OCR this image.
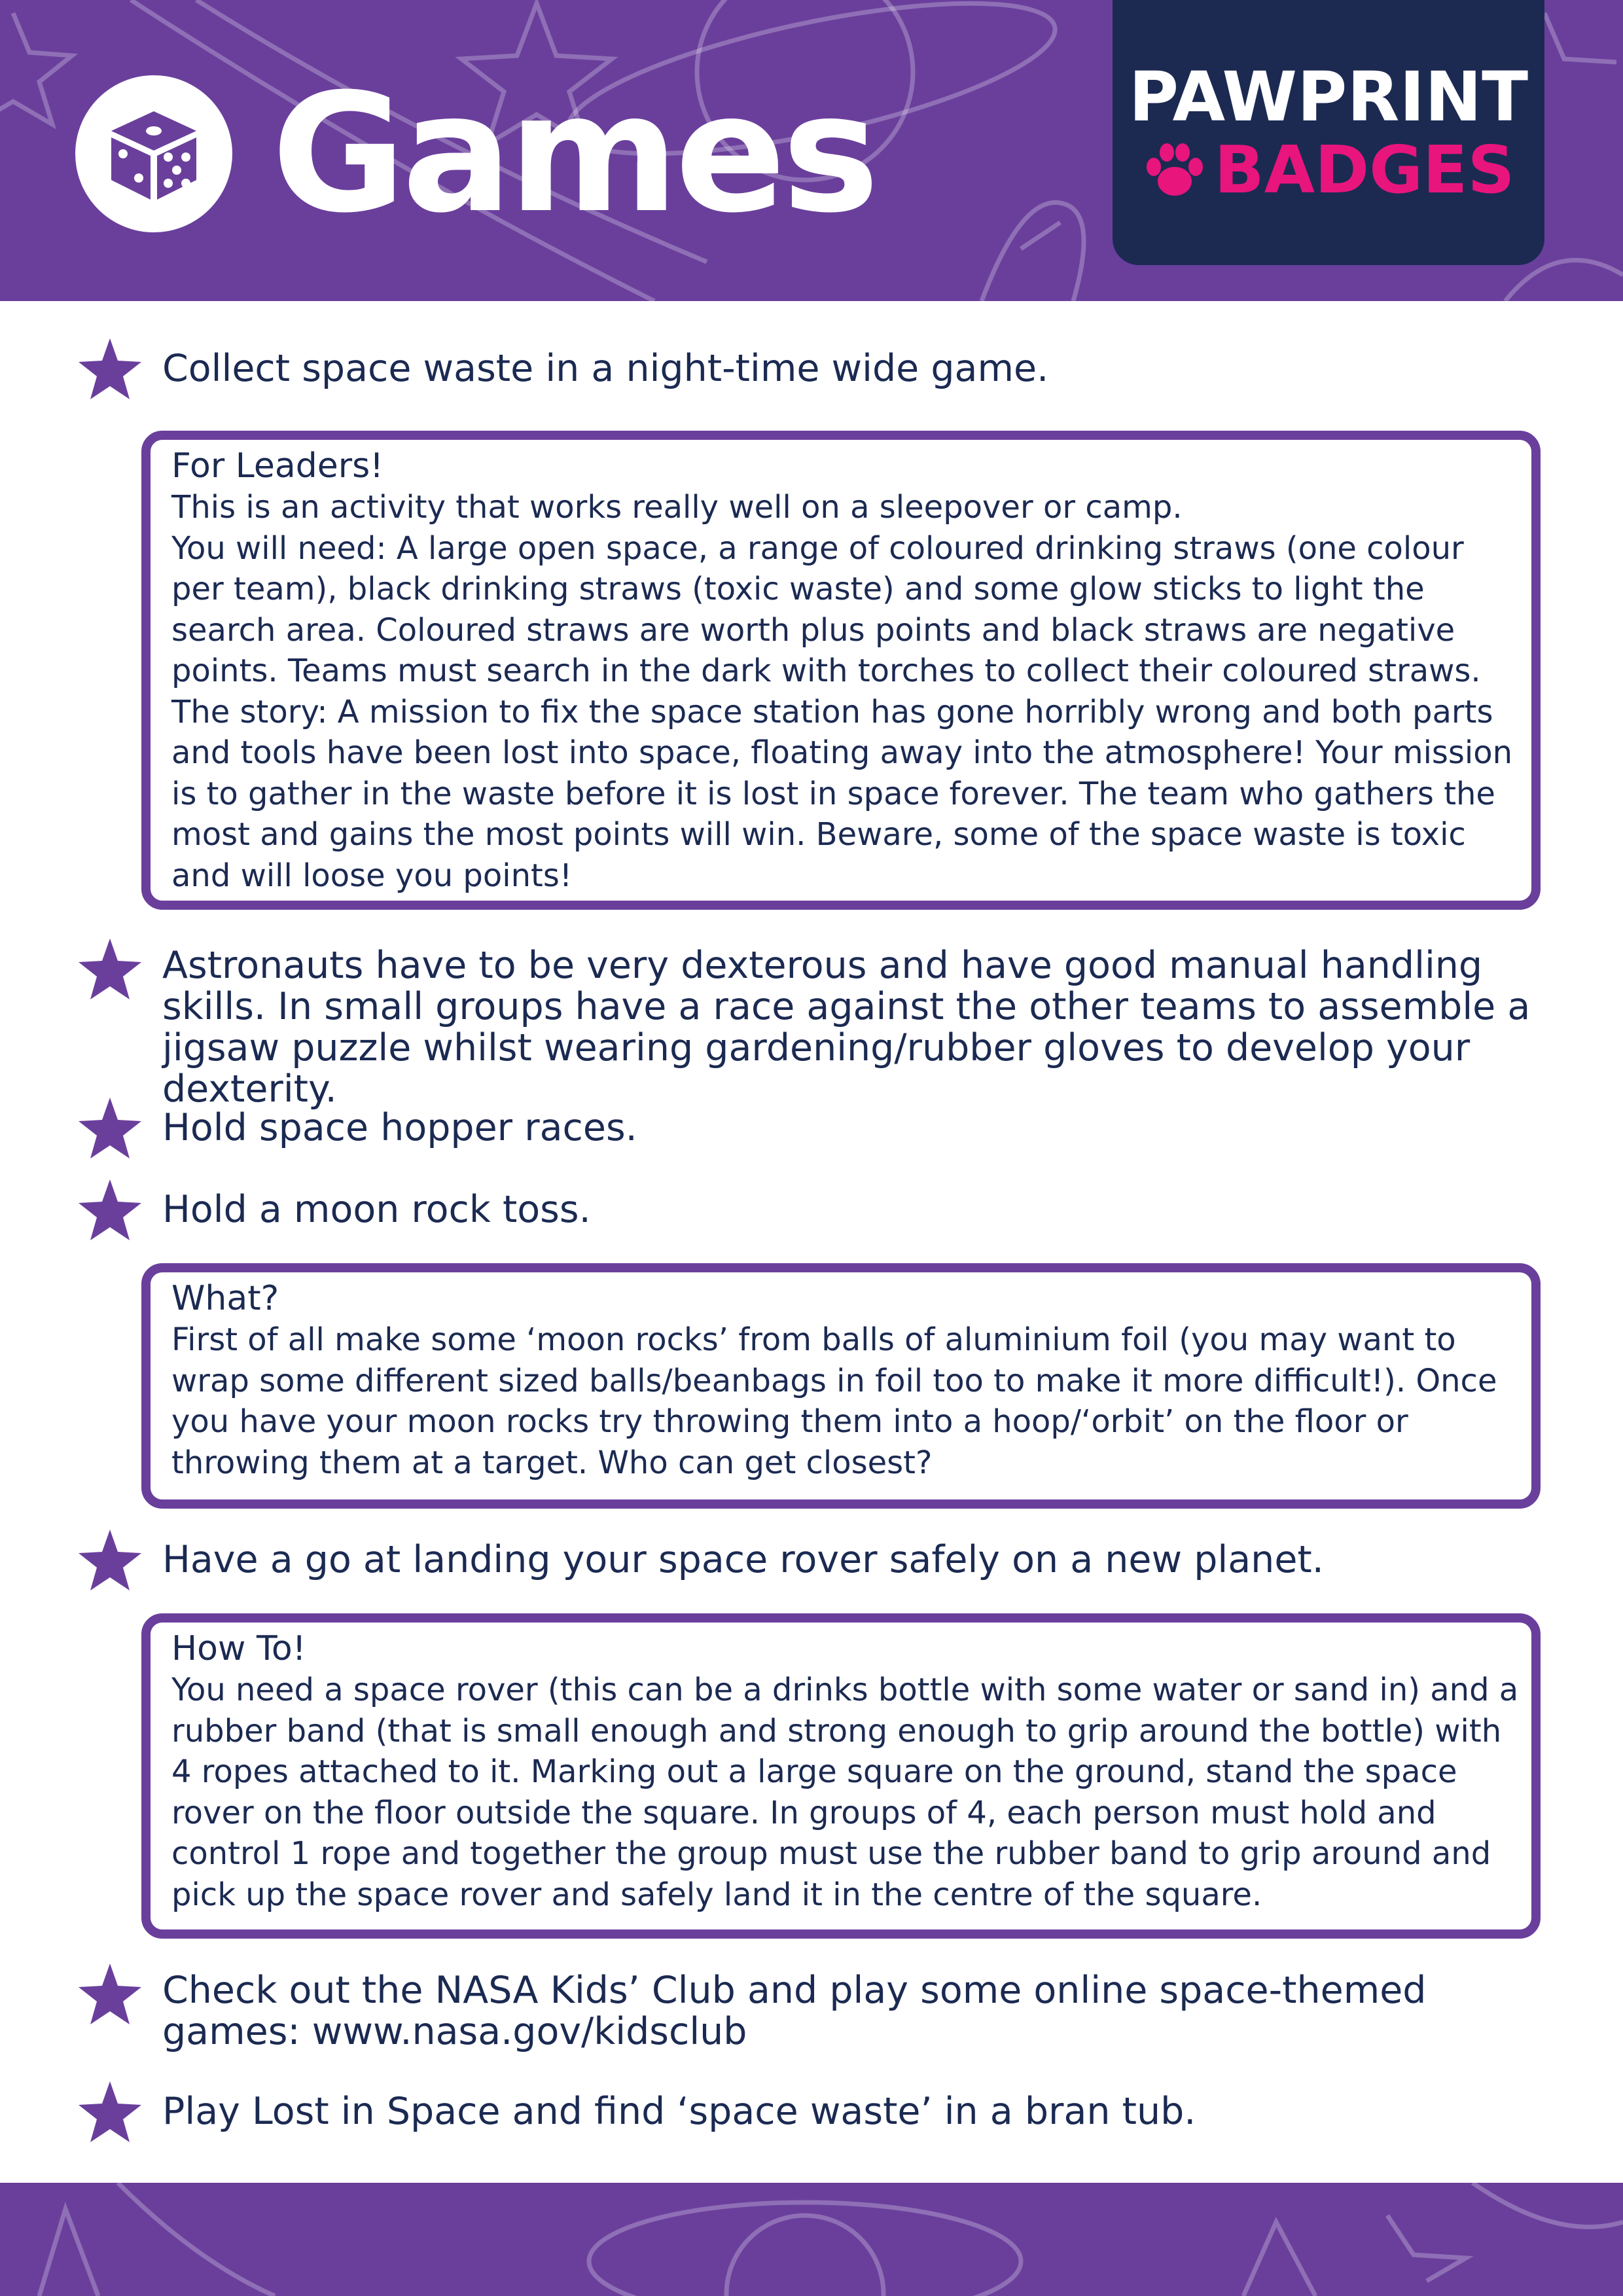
Games	PAWPRINT
BADGES
Collect space waste in a night-time wide game.
For Leaders!
This is an activity that works really well on a sleepover or camp.
You will need: A large open space, a range of coloured drinking straws (one colour per team), black drinking straws (toxic waste) and some glow sticks to light the search area. Coloured straws are worth plus points and black straws are negative points. Teams must search in the dark with torches to collect their coloured straws.
The story: A mission to fix the space station has gone horribly wrong and both parts and tools have been lost into space, floating away into the atmosphere! Your mission is to gather in the waste before it is lost in space forever. The team who gathers the most and gains the most points will win. Beware, some of the space waste is toxic and will loose you points!
Astronauts have to be very dexterous and have good manual handling skills. In small groups have a race against the other teams to assemble a jigsaw puzzle whilst wearing gardening/rubber gloves to develop your dexterity.
Hold space hopper races.
Hold a moon rock toss.
What?
First of all make some ‘moon rocks’ from balls of aluminium foil (you may want to wrap some different sized balls/beanbags in foil too to make it more difficult!). Once you have your moon rocks try throwing them into a hoop/‘orbit’ on the floor or throwing them at a target. Who can get closest?
Have a go at landing your space rover safely on a new planet.
How To!
You need a space rover (this can be a drinks bottle with some water or sand in) and a rubber band (that is small enough and strong enough to grip around the bottle) with 4 ropes attached to it. Marking out a large square on the ground, stand the space rover on the floor outside the square. In groups of 4, each person must hold and control 1 rope and together the group must use the rubber band to grip around and pick up the space rover and safely land it in the centre of the square.
Check out the NASA Kids’ Club and play some online space-themed games: www.nasa.gov/kidsclub
Play Lost in Space and find ‘space waste’ in a bran tub.
